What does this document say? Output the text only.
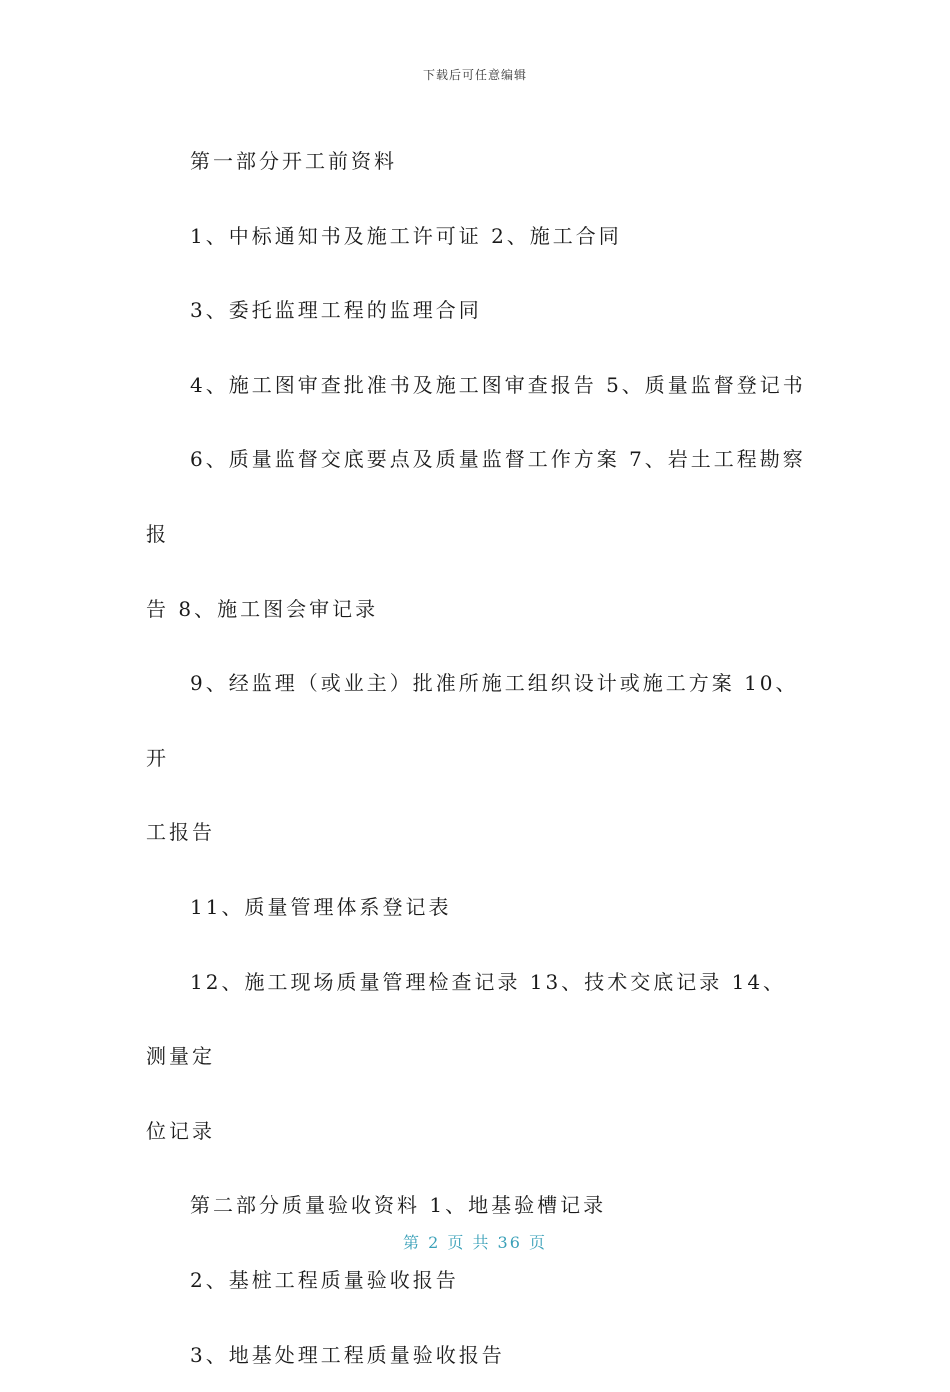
下载后可任意编辑

第一部分开工前资料

1、中标通知书及施工许可证 2、施工合同

3、委托监理工程的监理合同

4、施工图审查批准书及施工图审查报告 5、质量监督登记书

6、质量监督交底要点及质量监督工作方案 7、岩土工程勘察报

告 8、施工图会审记录

9、经监理（或业主）批准所施工组织设计或施工方案 10、开

工报告

11、质量管理体系登记表

12、施工现场质量管理检查记录 13、技术交底记录 14、测量定

位记录

第二部分质量验收资料 1、地基验槽记录

2、基桩工程质量验收报告

3、地基处理工程质量验收报告

第 2 页 共 36 页
